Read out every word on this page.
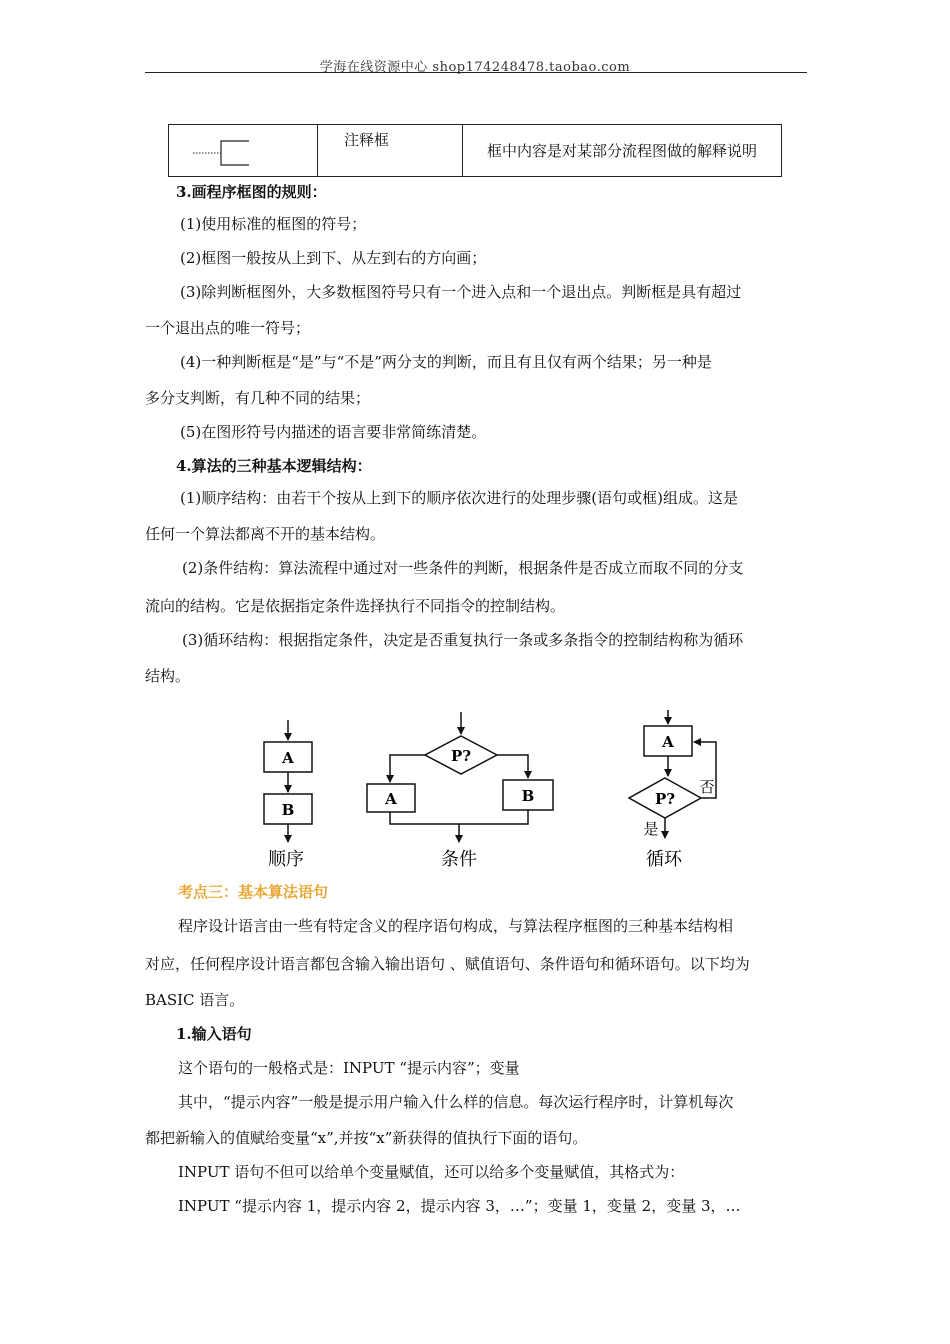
学海在线资源中心 shop174248478.taobao.com
	注释框	框中内容是对某部分流程图做的解释说明
3.画程序框图的规则：
(1)使用标准的框图的符号；
(2)框图一般按从上到下、从左到右的方向画；
(3)除判断框图外，大多数框图符号只有一个进入点和一个退出点。判断框是具有超过
一个退出点的唯一符号；
(4)一种判断框是“是”与“不是”两分支的判断，而且有且仅有两个结果；另一种是
多分支判断，有几种不同的结果；
(5)在图形符号内描述的语言要非常简练清楚。
4.算法的三种基本逻辑结构：
(1)顺序结构：由若干个按从上到下的顺序依次进行的处理步骤(语句或框)组成。这是
任何一个算法都离不开的基本结构。
(2)条件结构：算法流程中通过对一些条件的判断，根据条件是否成立而取不同的分支
流向的结构。它是依据指定条件选择执行不同指令的控制结构。
(3)循环结构：根据指定条件，决定是否重复执行一条或多条指令的控制结构称为循环
结构。
A
B
顺序
P?
A	B
条件
A
P?
否
是
循环
考点三：基本算法语句
程序设计语言由一些有特定含义的程序语句构成，与算法程序框图的三种基本结构相
对应，任何程序设计语言都包含输入输出语句 、赋值语句、条件语句和循环语句。以下均为
BASIC 语言。
1.输入语句
这个语句的一般格式是：INPUT “提示内容”；变量
其中，“提示内容”一般是提示用户输入什么样的信息。每次运行程序时，计算机每次
都把新输入的值赋给变量“x”,并按“x”新获得的值执行下面的语句。
INPUT 语句不但可以给单个变量赋值，还可以给多个变量赋值，其格式为：
INPUT “提示内容 1，提示内容 2，提示内容 3，…”；变量 1，变量 2，变量 3，…
